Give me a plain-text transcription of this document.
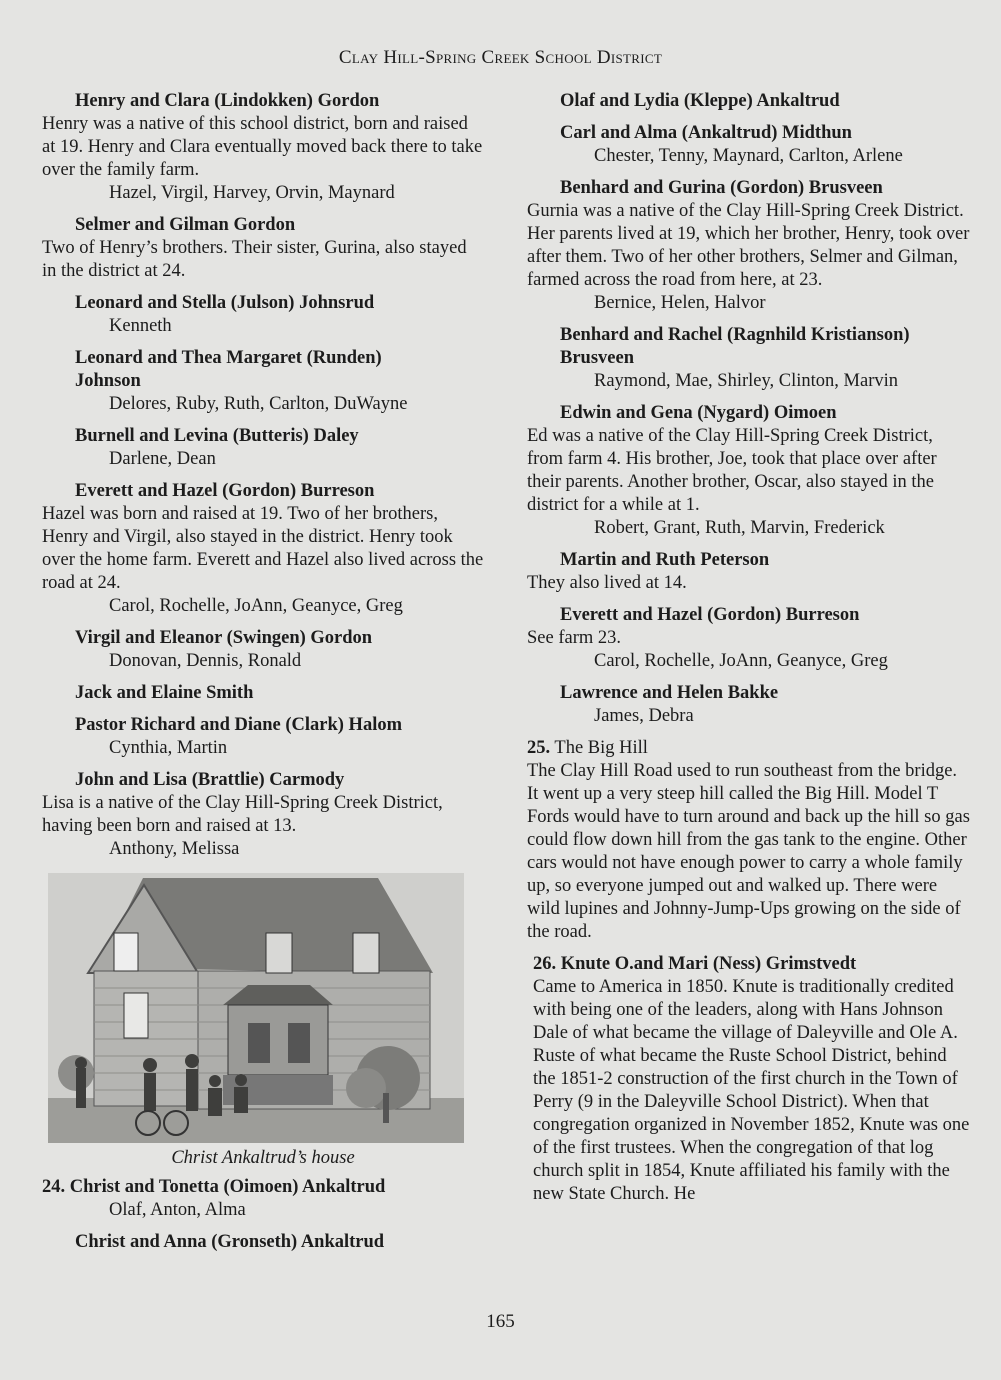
Clay Hill-Spring Creek School District
Henry and Clara (Lindokken) Gordon
Henry was a native of this school district, born and raised at 19. Henry and Clara eventually moved back there to take over the family farm.
Hazel, Virgil, Harvey, Orvin, Maynard
Selmer and Gilman Gordon
Two of Henry’s brothers. Their sister, Gurina, also stayed in the district at 24.
Leonard and Stella (Julson) Johnsrud
Kenneth
Leonard and Thea Margaret (Runden) Johnson
Delores, Ruby, Ruth, Carlton, DuWayne
Burnell and Levina (Butteris) Daley
Darlene, Dean
Everett and Hazel (Gordon) Burreson
Hazel was born and raised at 19. Two of her brothers, Henry and Virgil, also stayed in the district. Henry took over the home farm. Everett and Hazel also lived across the road at 24.
Carol, Rochelle, JoAnn, Geanyce, Greg
Virgil and Eleanor (Swingen) Gordon
Donovan, Dennis, Ronald
Jack and Elaine Smith
Pastor Richard and Diane (Clark) Halom
Cynthia, Martin
John and Lisa (Brattlie) Carmody
Lisa is a native of the Clay Hill-Spring Creek District, having been born and raised at 13.
Anthony, Melissa
Christ Ankaltrud’s house
24. Christ and Tonetta (Oimoen) Ankaltrud
Olaf, Anton, Alma
Christ and Anna (Gronseth) Ankaltrud
Olaf and Lydia (Kleppe) Ankaltrud
Carl and Alma (Ankaltrud) Midthun
Chester, Tenny, Maynard, Carlton, Arlene
Benhard and Gurina (Gordon) Brusveen
Gurnia was a native of the Clay Hill-Spring Creek District. Her parents lived at 19, which her brother, Henry, took over after them. Two of her other brothers, Selmer and Gilman, farmed across the road from here, at 23.
Bernice, Helen, Halvor
Benhard and Rachel (Ragnhild Kristianson) Brusveen
Raymond, Mae, Shirley, Clinton, Marvin
Edwin and Gena (Nygard) Oimoen
Ed was a native of the Clay Hill-Spring Creek District, from farm 4. His brother, Joe, took that place over after their parents. Another brother, Oscar, also stayed in the district for a while at 1.
Robert, Grant, Ruth, Marvin, Frederick
Martin and Ruth Peterson
They also lived at 14.
Everett and Hazel (Gordon) Burreson
See farm 23.
Carol, Rochelle, JoAnn, Geanyce, Greg
Lawrence and Helen Bakke
James, Debra
25. The Big Hill
The Clay Hill Road used to run southeast from the bridge. It went up a very steep hill called the Big Hill. Model T Fords would have to turn around and back up the hill so gas could flow down hill from the gas tank to the engine. Other cars would not have enough power to carry a whole family up, so everyone jumped out and walked up. There were wild lupines and Johnny-Jump-Ups growing on the side of the road.
26. Knute O.and Mari (Ness) Grimstvedt
Came to America in 1850. Knute is traditionally credited with being one of the leaders, along with Hans Johnson Dale of what became the village of Daleyville and Ole A. Ruste of what became the Ruste School District, behind the 1851-2 construction of the first church in the Town of Perry (9 in the Daleyville School District). When that congregation organized in November 1852, Knute was one of the first trustees. When the congregation of that log church split in 1854, Knute affiliated his family with the new State Church. He
165
